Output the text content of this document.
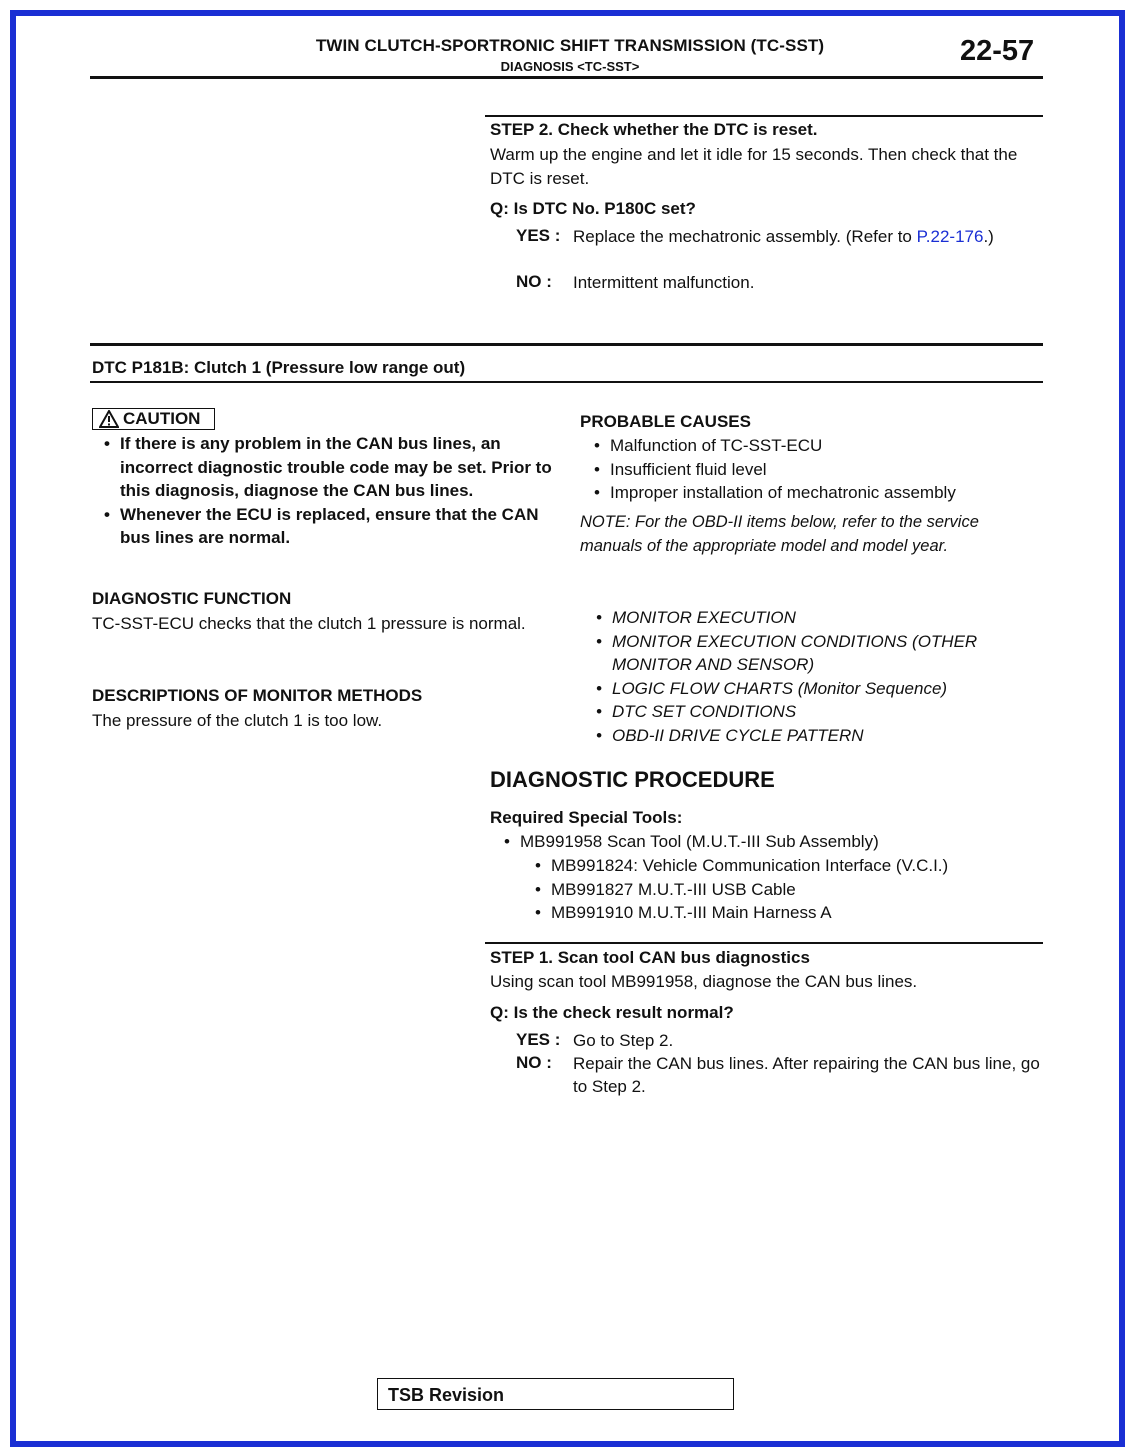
TWIN CLUTCH-SPORTRONIC SHIFT TRANSMISSION (TC-SST)
DIAGNOSIS <TC-SST>	22-57
STEP 2. Check whether the DTC is reset.
Warm up the engine and let it idle for 15 seconds. Then check that the DTC is reset.
Q: Is DTC No. P180C set?
YES : Replace the mechatronic assembly. (Refer to P.22-176.)
NO : Intermittent malfunction.
DTC P181B: Clutch 1 (Pressure low range out)
CAUTION
• If there is any problem in the CAN bus lines, an incorrect diagnostic trouble code may be set. Prior to this diagnosis, diagnose the CAN bus lines.
• Whenever the ECU is replaced, ensure that the CAN bus lines are normal.
DIAGNOSTIC FUNCTION
TC-SST-ECU checks that the clutch 1 pressure is normal.
DESCRIPTIONS OF MONITOR METHODS
The pressure of the clutch 1 is too low.
PROBABLE CAUSES
• Malfunction of TC-SST-ECU
• Insufficient fluid level
• Improper installation of mechatronic assembly
NOTE: For the OBD-II items below, refer to the service manuals of the appropriate model and model year.
• MONITOR EXECUTION
• MONITOR EXECUTION CONDITIONS (OTHER MONITOR AND SENSOR)
• LOGIC FLOW CHARTS (Monitor Sequence)
• DTC SET CONDITIONS
• OBD-II DRIVE CYCLE PATTERN
DIAGNOSTIC PROCEDURE
Required Special Tools:
• MB991958 Scan Tool (M.U.T.-III Sub Assembly)
• MB991824: Vehicle Communication Interface (V.C.I.)
• MB991827 M.U.T.-III USB Cable
• MB991910 M.U.T.-III Main Harness A
STEP 1. Scan tool CAN bus diagnostics
Using scan tool MB991958, diagnose the CAN bus lines.
Q: Is the check result normal?
YES : Go to Step 2.
NO : Repair the CAN bus lines. After repairing the CAN bus line, go to Step 2.
TSB Revision
